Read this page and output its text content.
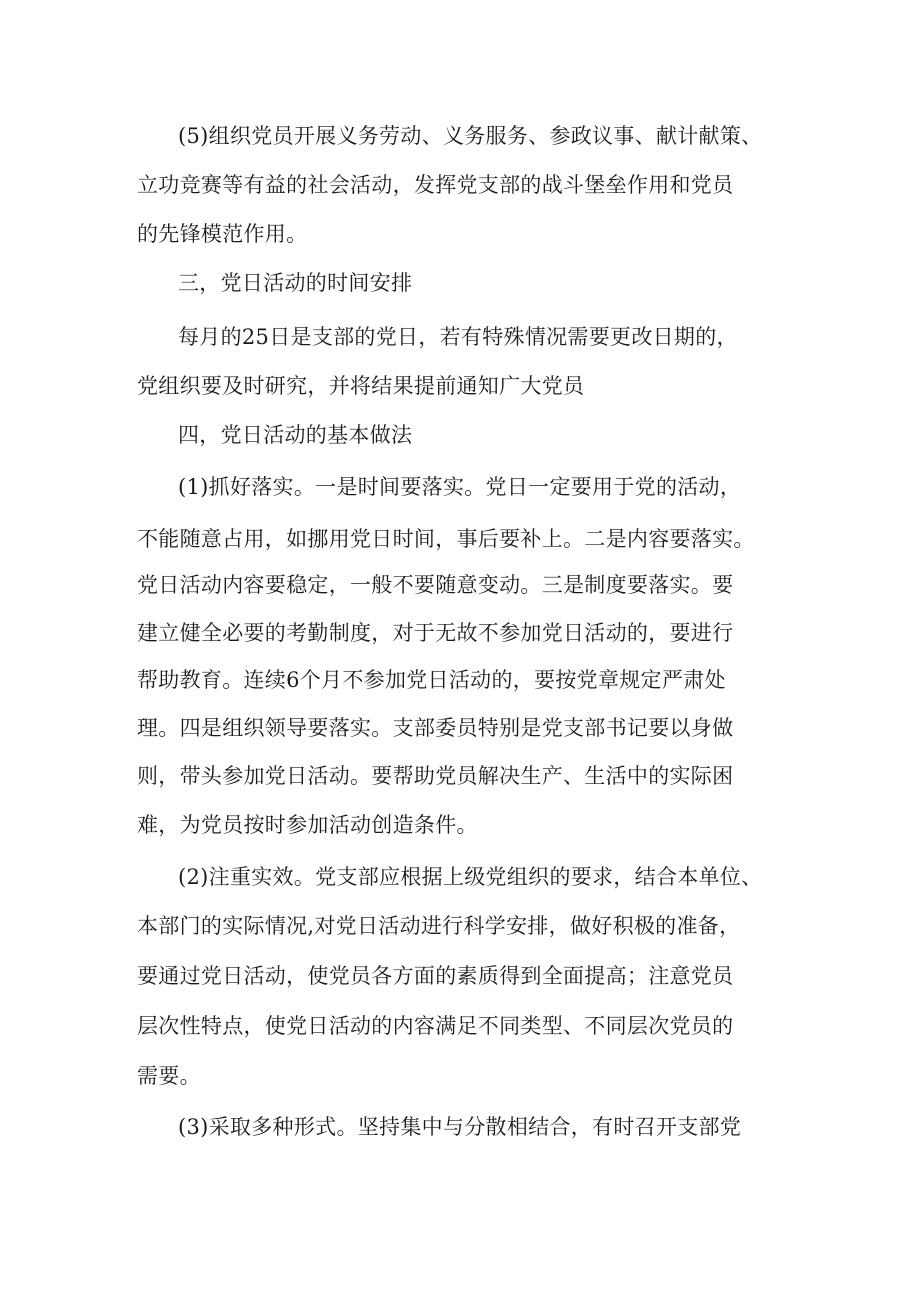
(5)组织党员开展义务劳动、义务服务、参政议事、献计献策、

立功竞赛等有益的社会活动，发挥党支部的战斗堡垒作用和党员

的先锋模范作用。

三，党日活动的时间安排

每月的25日是支部的党日，若有特殊情况需要更改日期的，

党组织要及时研究，并将结果提前通知广大党员

四，党日活动的基本做法

(1)抓好落实。一是时间要落实。党日一定要用于党的活动，

不能随意占用，如挪用党日时间，事后要补上。二是内容要落实。

党日活动内容要稳定，一般不要随意变动。三是制度要落实。要

建立健全必要的考勤制度，对于无故不参加党日活动的，要进行

帮助教育。连续6个月不参加党日活动的，要按党章规定严肃处

理。四是组织领导要落实。支部委员特别是党支部书记要以身做

则，带头参加党日活动。要帮助党员解决生产、生活中的实际困

难，为党员按时参加活动创造条件。

(2)注重实效。党支部应根据上级党组织的要求，结合本单位、

本部门的实际情况,对党日活动进行科学安排，做好积极的准备，

要通过党日活动，使党员各方面的素质得到全面提高；注意党员

层次性特点，使党日活动的内容满足不同类型、不同层次党员的

需要。

(3)采取多种形式。坚持集中与分散相结合，有时召开支部党
